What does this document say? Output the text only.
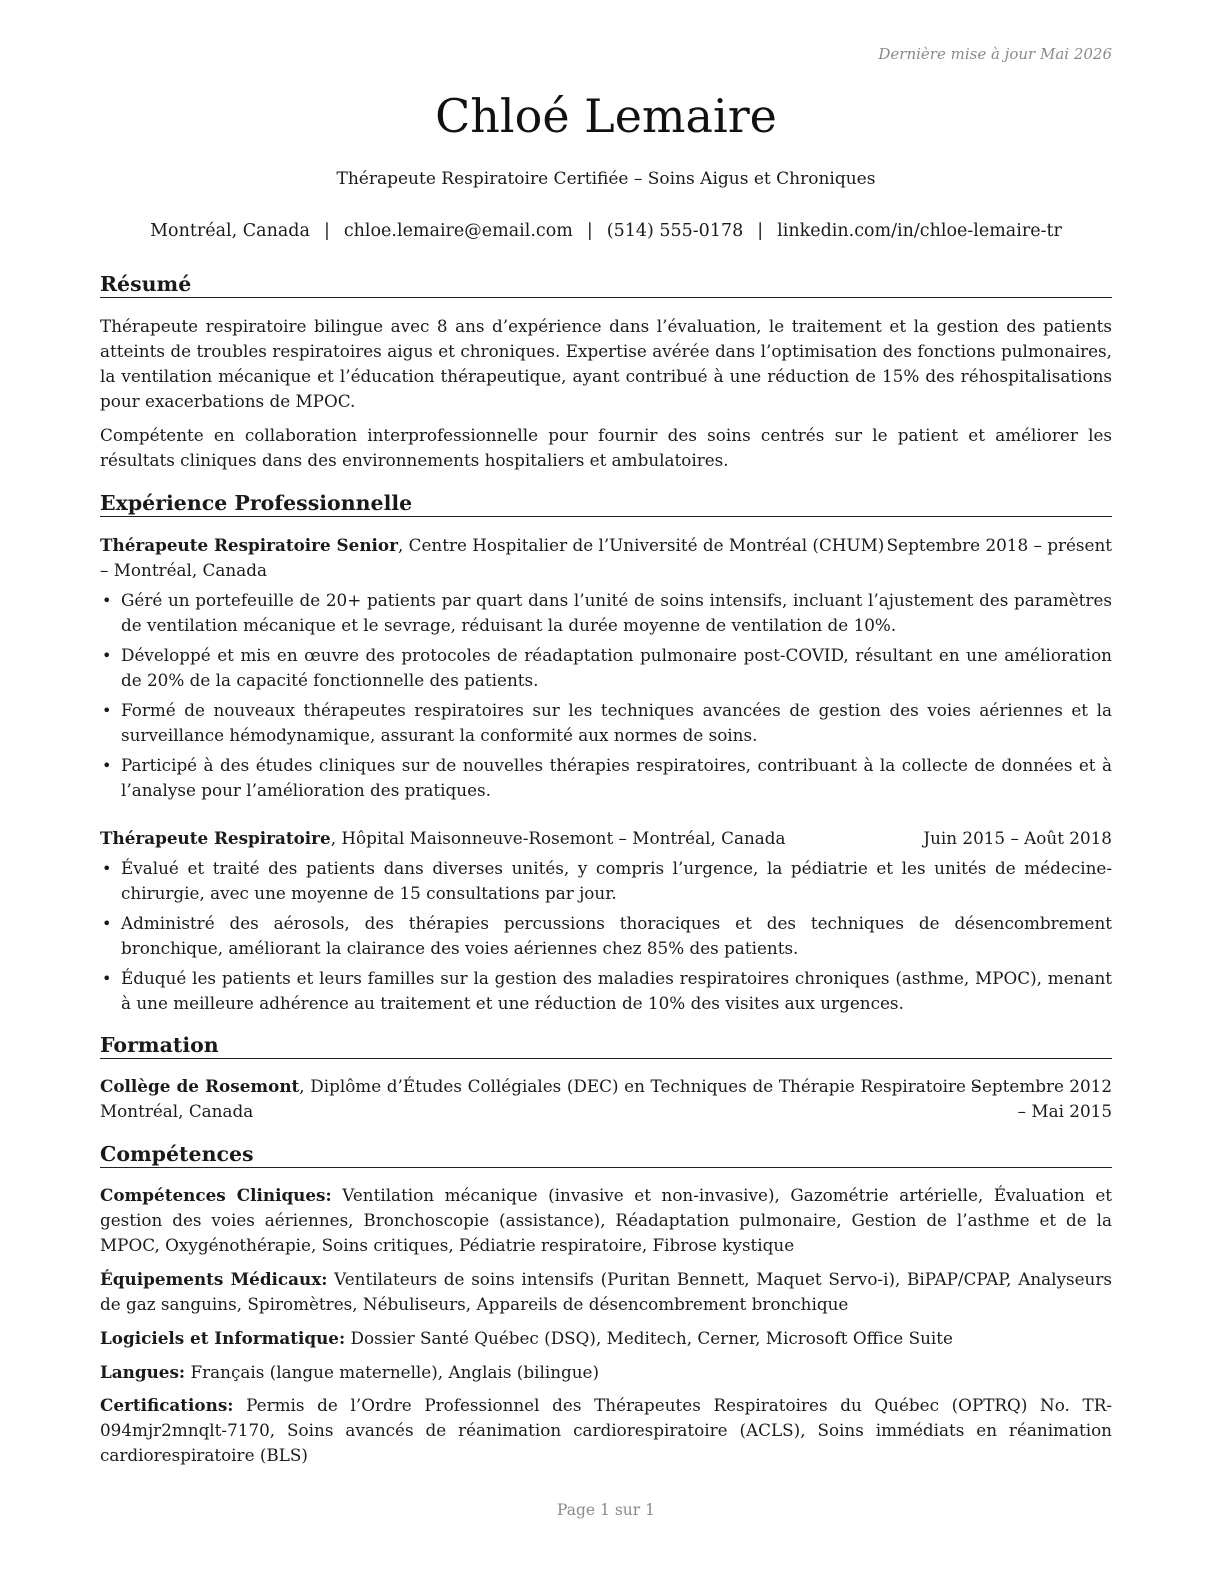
Dernière mise à jour Mai 2026
Chloé Lemaire
Thérapeute Respiratoire Certifiée – Soins Aigus et Chroniques
Montréal, Canada | chloe.lemaire@email.com | (514) 555-0178 | linkedin.com/in/chloe-lemaire-tr
Résumé

Thérapeute respiratoire bilingue avec 8 ans d’expérience dans l’évaluation, le traitement et la gestion des patients atteints de troubles respiratoires aigus et chroniques. Expertise avérée dans l’optimisation des fonctions pulmonaires, la ventilation mécanique et l’éducation thérapeutique, ayant contribué à une réduction de 15% des réhospitalisations pour exacerbations de MPOC.

Compétente en collaboration interprofessionnelle pour fournir des soins centrés sur le patient et améliorer les résultats cliniques dans des environnements hospitaliers et ambulatoires.

Expérience Professionnelle
Septembre 2018 – présent
Thérapeute Respiratoire Senior, Centre Hospitalier de l’Université de Montréal (CHUM)
– Montréal, Canada
• Géré un portefeuille de 20+ patients par quart dans l’unité de soins intensifs, incluant l’ajustement des paramètres de ventilation mécanique et le sevrage, réduisant la durée moyenne de ventilation de 10%.
• Développé et mis en œuvre des protocoles de réadaptation pulmonaire post-COVID, résultant en une amélioration de 20% de la capacité fonctionnelle des patients.
• Formé de nouveaux thérapeutes respiratoires sur les techniques avancées de gestion des voies aériennes et la surveillance hémodynamique, assurant la conformité aux normes de soins.
• Participé à des études cliniques sur de nouvelles thérapies respiratoires, contribuant à la collecte de données et à l’analyse pour l’amélioration des pratiques.
Juin 2015 – Août 2018
Thérapeute Respiratoire, Hôpital Maisonneuve-Rosemont – Montréal, Canada
• Évalué et traité des patients dans diverses unités, y compris l’urgence, la pédiatrie et les unités de médecine-chirurgie, avec une moyenne de 15 consultations par jour.
• Administré des aérosols, des thérapies percussions thoraciques et des techniques de désencombrement bronchique, améliorant la clairance des voies aériennes chez 85% des patients.
• Éduqué les patients et leurs familles sur la gestion des maladies respiratoires chroniques (asthme, MPOC), menant à une meilleure adhérence au traitement et une réduction de 10% des visites aux urgences.
Formation
Collège de Rosemont, Diplôme d’Études Collégiales (DEC) en Techniques de Thérapie Respiratoire – Montréal, Canada
Septembre 2012 – Mai 2015
Compétences

Compétences Cliniques: Ventilation mécanique (invasive et non-invasive), Gazométrie artérielle, Évaluation et gestion des voies aériennes, Bronchoscopie (assistance), Réadaptation pulmonaire, Gestion de l’asthme et de la MPOC, Oxygénothérapie, Soins critiques, Pédiatrie respiratoire, Fibrose kystique

Équipements Médicaux: Ventilateurs de soins intensifs (Puritan Bennett, Maquet Servo-i), BiPAP/CPAP, Analyseurs de gaz sanguins, Spiromètres, Nébuliseurs, Appareils de désencombrement bronchique

Logiciels et Informatique: Dossier Santé Québec (DSQ), Meditech, Cerner, Microsoft Office Suite

Langues: Français (langue maternelle), Anglais (bilingue)

Certifications: Permis de l’Ordre Professionnel des Thérapeutes Respiratoires du Québec (OPTRQ) No. TR-094mjr2mnqlt-7170, Soins avancés de réanimation cardiorespiratoire (ACLS), Soins immédiats en réanimation cardiorespiratoire (BLS)

Page 1 sur 1
